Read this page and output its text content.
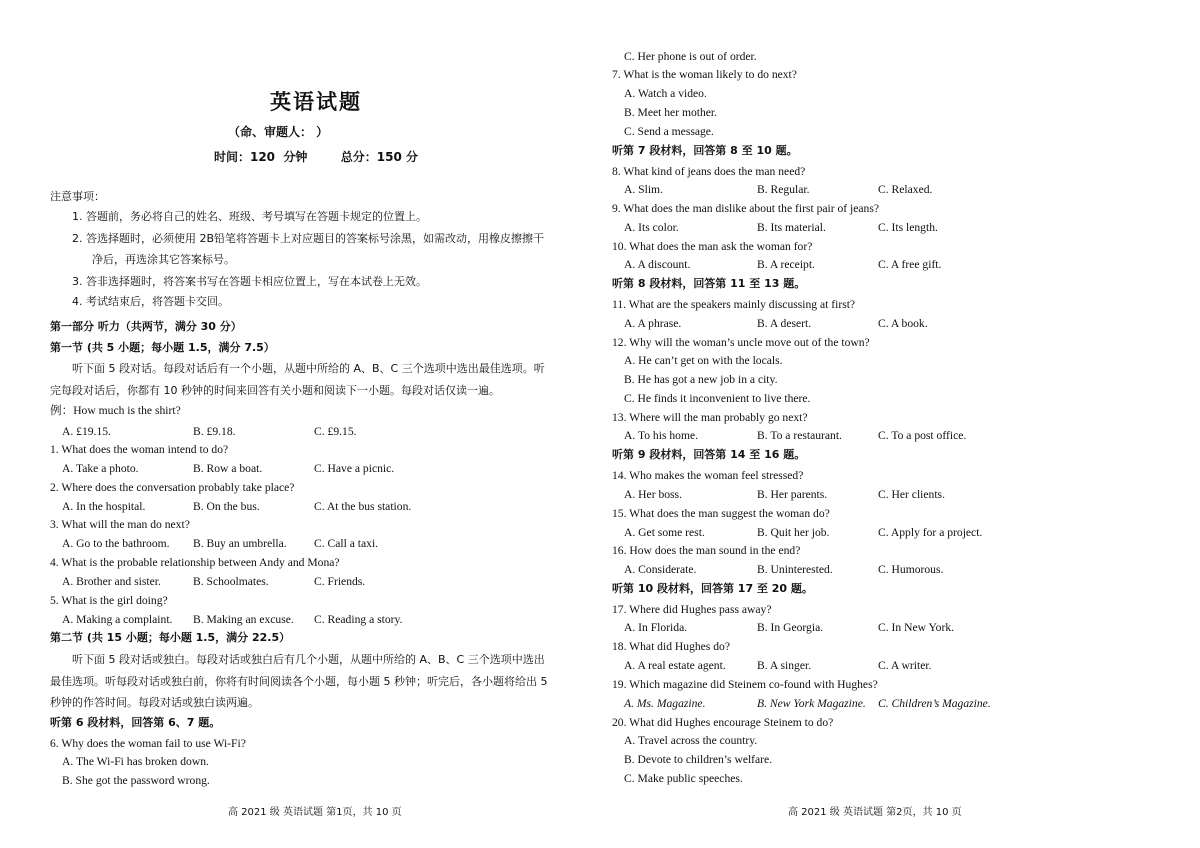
英语试题
（命、审题人： ）
时间：120  分钟        总分：150 分
注意事项：
1. 答题前，务必将自己的姓名、班级、考号填写在答题卡规定的位置上。
2. 答选择题时，必须使用 2B铅笔将答题卡上对应题目的答案标号涂黑，如需改动，用橡皮擦擦干
净后，再选涂其它答案标号。
3. 答非选择题时，将答案书写在答题卡相应位置上，写在本试卷上无效。
4. 考试结束后，将答题卡交回。
第一部分 听力（共两节，满分 30 分）
第一节 (共 5 小题；每小题 1.5，满分 7.5）
听下面 5 段对话。每段对话后有一个小题，从题中所给的 A、B、C 三个选项中选出最佳选项。听
完每段对话后，你都有 10 秒钟的时间来回答有关小题和阅读下一小题。每段对话仅读一遍。
例：How much is the shirt?
A. £19.15.	B. £9.18.	C. £9.15.
1. What does the woman intend to do?
A. Take a photo.	B. Row a boat.	C. Have a picnic.
2. Where does the conversation probably take place?
A. In the hospital.	B. On the bus.	C. At the bus station.
3. What will the man do next?
A. Go to the bathroom. B. Buy an umbrella. C. Call a taxi.
4. What is the probable relationship between Andy and Mona?
A. Brother and sister.	B. Schoolmates.	C. Friends.
5. What is the girl doing?
A. Making a complaint. B. Making an excuse. C. Reading a story.
第二节 (共 15 小题；每小题 1.5，满分 22.5）
听下面 5 段对话或独白。每段对话或独白后有几个小题，从题中所给的 A、B、C 三个选项中选出
最佳选项。听每段对话或独白前，你将有时间阅读各个小题，每小题 5 秒钟；听完后，各小题将给出 5
秒钟的作答时间。每段对话或独白读两遍。
听第 6 段材料，回答第 6、7 题。
6. Why does the woman fail to use Wi-Fi?
A. The Wi-Fi has broken down.
B. She got the password wrong.
高 2021 级 英语试题 第1页，共 10 页
C. Her phone is out of order.
7. What is the woman likely to do next?
A. Watch a video.
B. Meet her mother.
C. Send a message.
听第 7 段材料，回答第 8 至 10 题。
8. What kind of jeans does the man need?
A. Slim.	B. Regular.	C. Relaxed.
9. What does the man dislike about the first pair of jeans?
A. Its color.	B. Its material.	C. Its length.
10. What does the man ask the woman for?
A. A discount.	B. A receipt.	C. A free gift.
听第 8 段材料，回答第 11 至 13 题。
11. What are the speakers mainly discussing at first?
A. A phrase.	B. A desert.	C. A book.
12. Why will the woman’s uncle move out of the town?
A. He can’t get on with the locals.
B. He has got a new job in a city.
C. He finds it inconvenient to live there.
13. Where will the man probably go next?
A. To his home.	B. To a restaurant.	C. To a post office.
听第 9 段材料，回答第 14 至 16 题。
14. Who makes the woman feel stressed?
A. Her boss.	B. Her parents.	C. Her clients.
15. What does the man suggest the woman do?
A. Get some rest.	B. Quit her job.	C. Apply for a project.
16. How does the man sound in the end?
A. Considerate.	B. Uninterested.	C. Humorous.
听第 10 段材料，回答第 17 至 20 题。
17. Where did Hughes pass away?
A. In Florida.	B. In Georgia.	C. In New York.
18. What did Hughes do?
A. A real estate agent.	B. A singer.	C. A writer.
19. Which magazine did Steinem co-found with Hughes?
A. Ms. Magazine.	B. New York Magazine. C. Children’s Magazine.
20. What did Hughes encourage Steinem to do?
A. Travel across the country.
B. Devote to children’s welfare.
C. Make public speeches.
高 2021 级 英语试题 第2页，共 10 页
